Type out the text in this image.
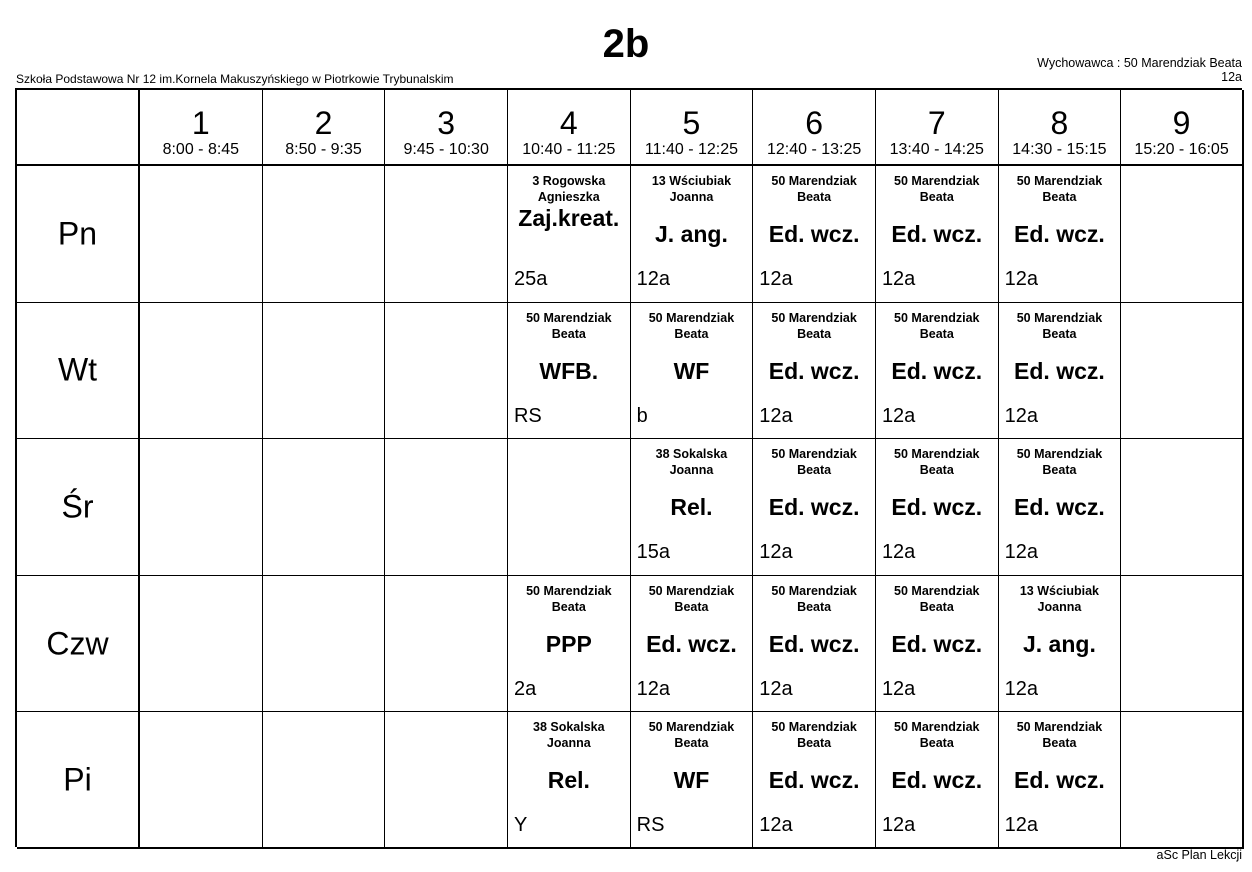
2b
Szkoła Podstawowa Nr 12 im.Kornela Makuszyńskiego w Piotrkowie Trybunalskim
Wychowawca : 50 Marendziak Beata
12a
1
8:00 - 8:45
2
8:50 - 9:35
3
9:45 - 10:30
4
10:40 - 11:25
5
11:40 - 12:25
6
12:40 - 13:25
7
13:40 - 14:25
8
14:30 - 15:15
9
15:20 - 16:05
Pn
3 Rogowska Agnieszka
Zaj.kreat.
25a
13 Wściubiak Joanna
J. ang.
12a
50 Marendziak Beata
Ed. wcz.
12a
50 Marendziak Beata
Ed. wcz.
12a
50 Marendziak Beata
Ed. wcz.
12a
Wt
50 Marendziak Beata
WFB.
RS
50 Marendziak Beata
WF
b
50 Marendziak Beata
Ed. wcz.
12a
50 Marendziak Beata
Ed. wcz.
12a
50 Marendziak Beata
Ed. wcz.
12a
Śr
38 Sokalska Joanna
Rel.
15a
50 Marendziak Beata
Ed. wcz.
12a
50 Marendziak Beata
Ed. wcz.
12a
50 Marendziak Beata
Ed. wcz.
12a
Czw
50 Marendziak Beata
PPP
2a
50 Marendziak Beata
Ed. wcz.
12a
50 Marendziak Beata
Ed. wcz.
12a
50 Marendziak Beata
Ed. wcz.
12a
13 Wściubiak Joanna
J. ang.
12a
Pi
38 Sokalska Joanna
Rel.
Y
50 Marendziak Beata
WF
RS
50 Marendziak Beata
Ed. wcz.
12a
50 Marendziak Beata
Ed. wcz.
12a
50 Marendziak Beata
Ed. wcz.
12a
aSc Plan Lekcji
